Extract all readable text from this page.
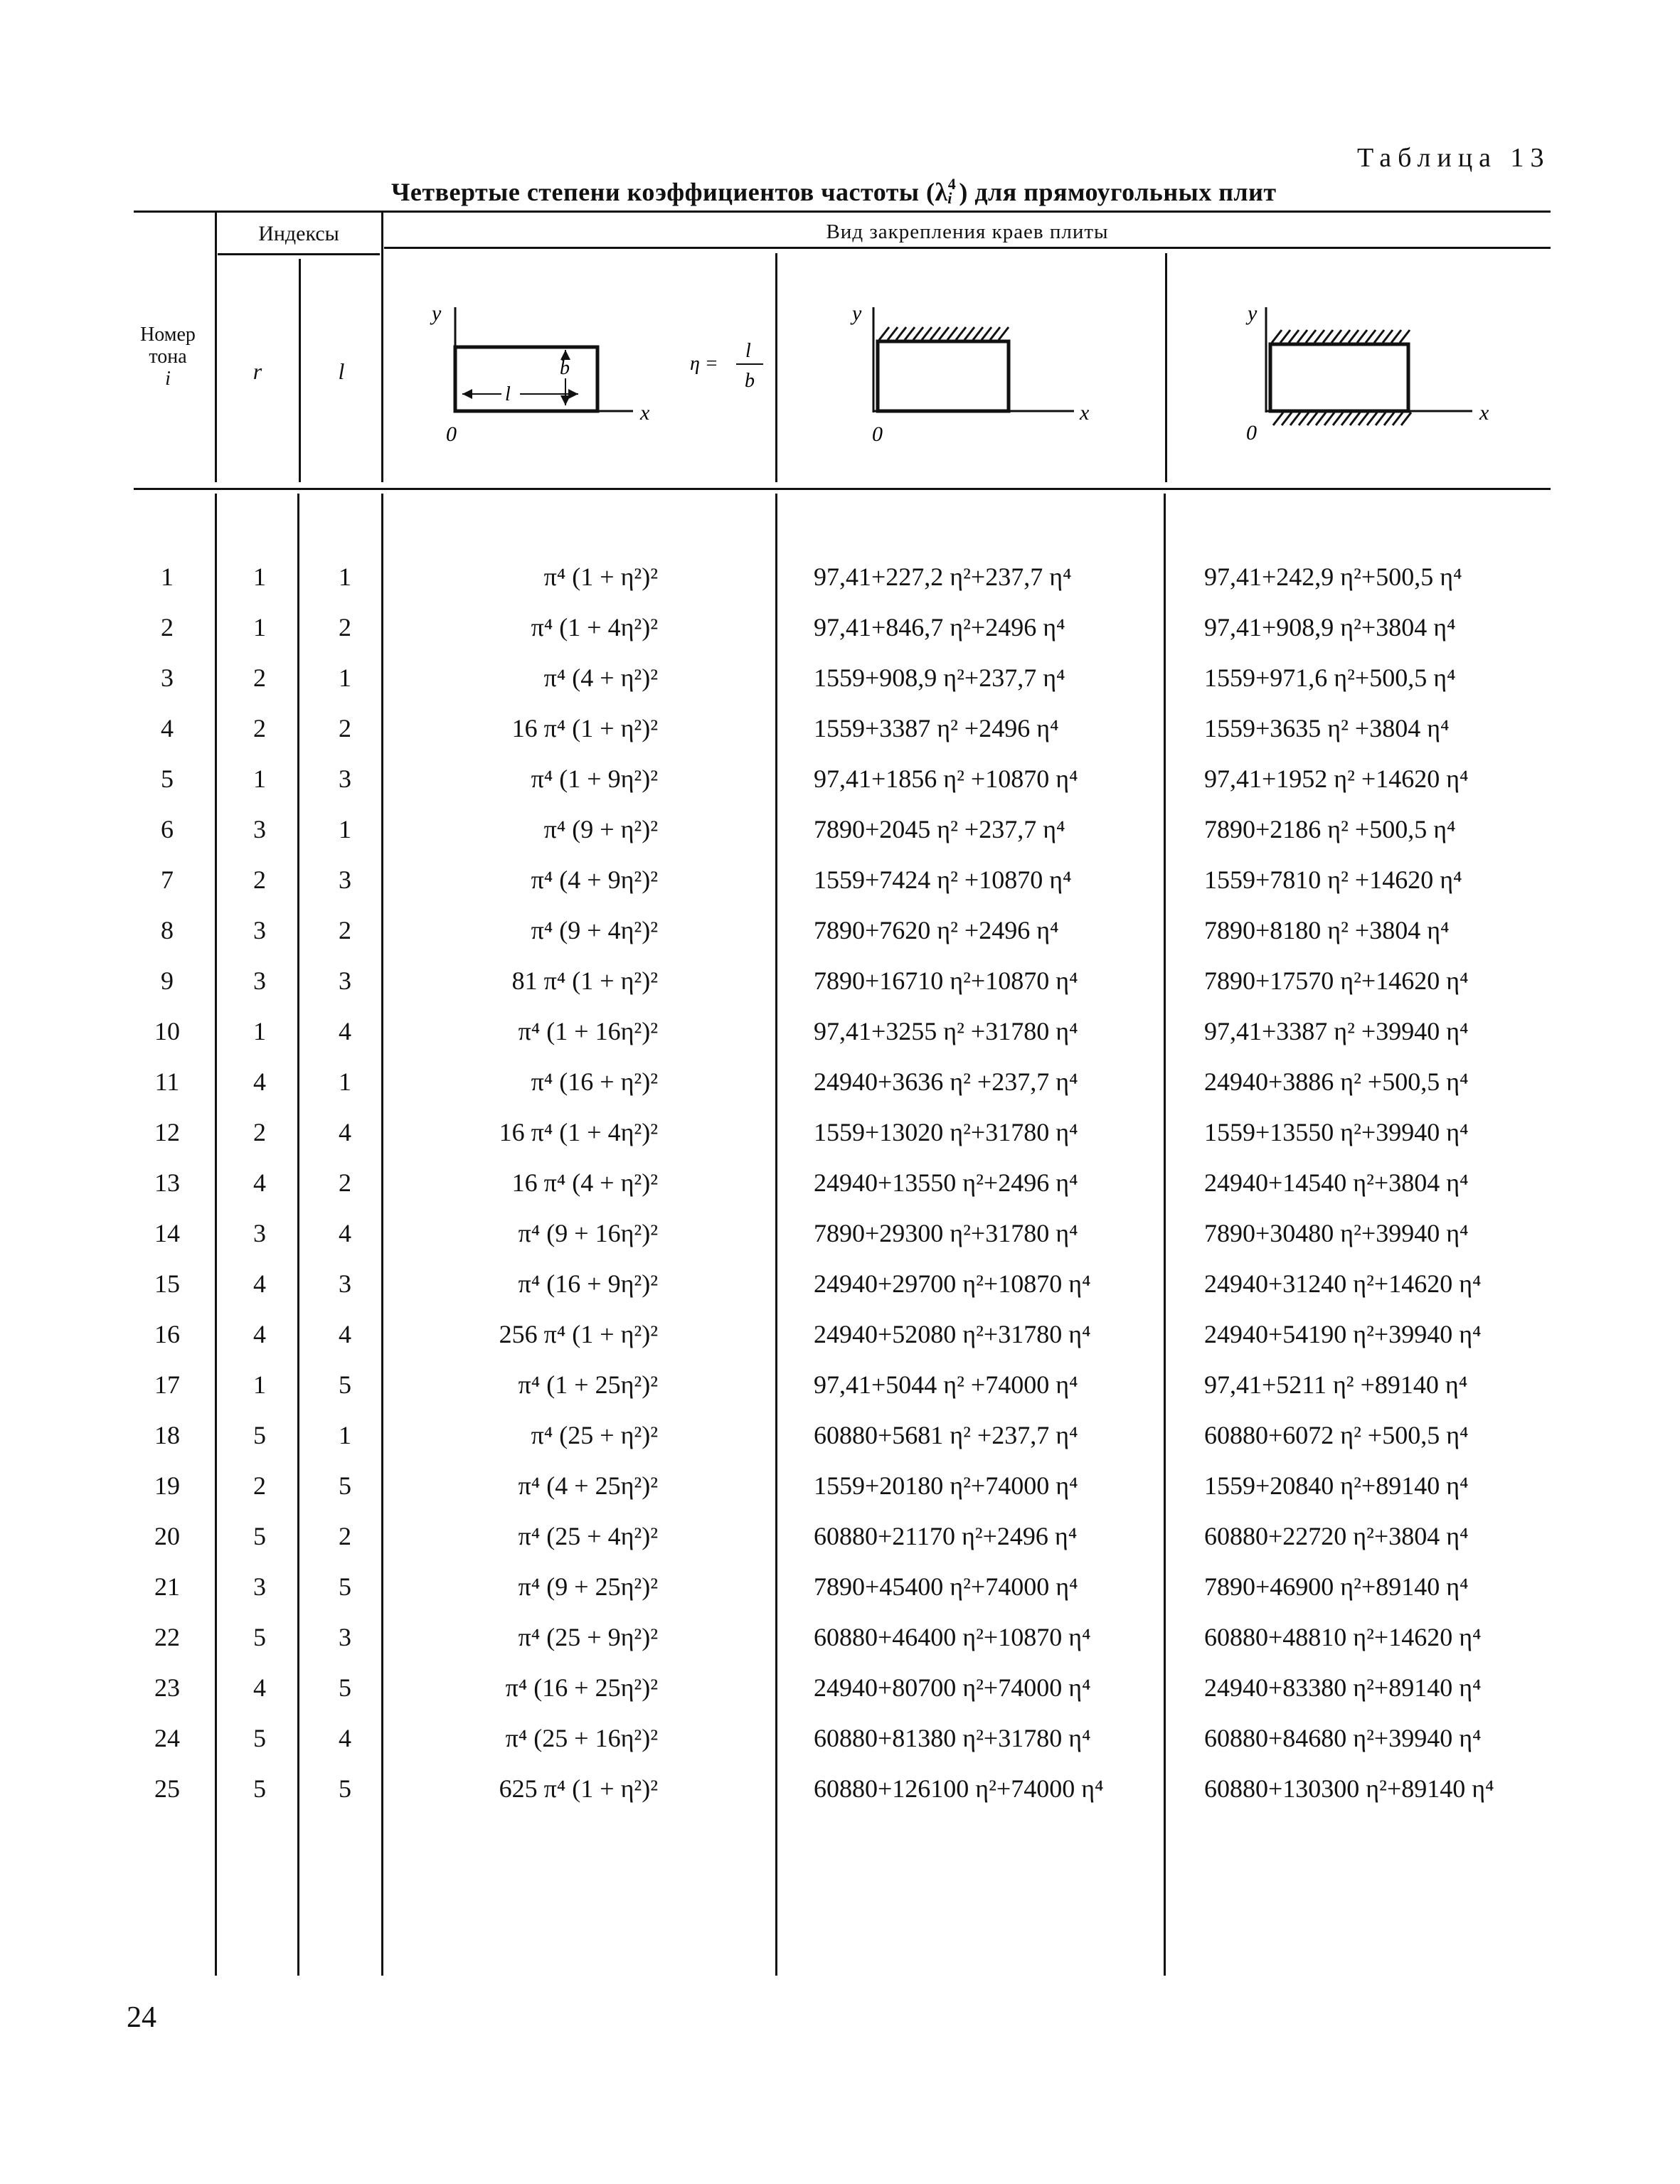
Таблица 13
Четвертые степени коэффициентов частоты ($\lambda^4_i$ ) для прямоугольных плит
Индексы	Вид закрепления краев плиты
Номер тона
i	r	l
y
x
0
l
b	η =
l
b
y
x
0
y
x
0
1	1	1	π⁴ (1 + η²)²	97,41+227,2 η²+237,7 η⁴	97,41+242,9 η²+500,5 η⁴
2	1	2	π⁴ (1 + 4η²)²	97,41+846,7 η²+2496 η⁴	97,41+908,9 η²+3804 η⁴
3	2	1	π⁴ (4 + η²)²	1559+908,9 η²+237,7 η⁴	1559+971,6 η²+500,5 η⁴
4	2	2	16 π⁴ (1 + η²)²	1559+3387 η² +2496 η⁴	1559+3635 η² +3804 η⁴
5	1	3	π⁴ (1 + 9η²)²	97,41+1856 η² +10870 η⁴	97,41+1952 η² +14620 η⁴
6	3	1	π⁴ (9 + η²)²	7890+2045 η² +237,7 η⁴	7890+2186 η² +500,5 η⁴
7	2	3	π⁴ (4 + 9η²)²	1559+7424 η² +10870 η⁴	1559+7810 η² +14620 η⁴
8	3	2	π⁴ (9 + 4η²)²	7890+7620 η² +2496 η⁴	7890+8180 η² +3804 η⁴
9	3	3	81 π⁴ (1 + η²)²	7890+16710 η²+10870 η⁴	7890+17570 η²+14620 η⁴
10	1	4	π⁴ (1 + 16η²)²	97,41+3255 η² +31780 η⁴	97,41+3387 η² +39940 η⁴
11	4	1	π⁴ (16 + η²)²	24940+3636 η² +237,7 η⁴	24940+3886 η² +500,5 η⁴
12	2	4	16 π⁴ (1 + 4η²)²	1559+13020 η²+31780 η⁴	1559+13550 η²+39940 η⁴
13	4	2	16 π⁴ (4 + η²)²	24940+13550 η²+2496 η⁴	24940+14540 η²+3804 η⁴
14	3	4	π⁴ (9 + 16η²)²	7890+29300 η²+31780 η⁴	7890+30480 η²+39940 η⁴
15	4	3	π⁴ (16 + 9η²)²	24940+29700 η²+10870 η⁴	24940+31240 η²+14620 η⁴
16	4	4	256 π⁴ (1 + η²)²	24940+52080 η²+31780 η⁴	24940+54190 η²+39940 η⁴
17	1	5	π⁴ (1 + 25η²)²	97,41+5044 η² +74000 η⁴	97,41+5211 η² +89140 η⁴
18	5	1	π⁴ (25 + η²)²	60880+5681 η² +237,7 η⁴	60880+6072 η² +500,5 η⁴
19	2	5	π⁴ (4 + 25η²)²	1559+20180 η²+74000 η⁴	1559+20840 η²+89140 η⁴
20	5	2	π⁴ (25 + 4η²)²	60880+21170 η²+2496 η⁴	60880+22720 η²+3804 η⁴
21	3	5	π⁴ (9 + 25η²)²	7890+45400 η²+74000 η⁴	7890+46900 η²+89140 η⁴
22	5	3	π⁴ (25 + 9η²)²	60880+46400 η²+10870 η⁴	60880+48810 η²+14620 η⁴
23	4	5	π⁴ (16 + 25η²)²	24940+80700 η²+74000 η⁴	24940+83380 η²+89140 η⁴
24	5	4	π⁴ (25 + 16η²)²	60880+81380 η²+31780 η⁴	60880+84680 η²+39940 η⁴
25	5	5	625 π⁴ (1 + η²)²	60880+126100 η²+74000 η⁴	60880+130300 η²+89140 η⁴
24
